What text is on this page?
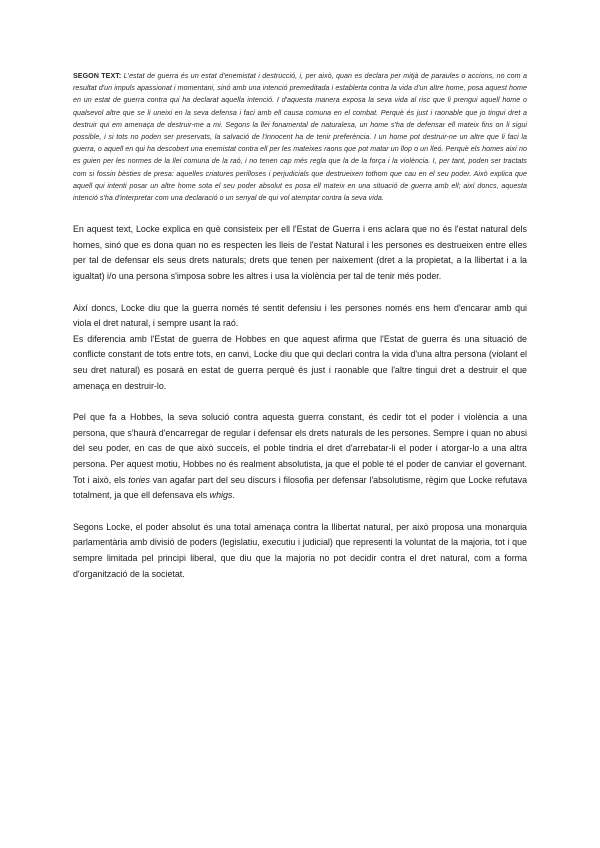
SEGON TEXT: L'estat de guerra és un estat d'enemistat i destrucció, i, per això, quan es declara per mitjà de paraules o accions, no com a resultat d'un impuls apassionat i momentani, sinó amb una intenció premeditada i establerta contra la vida d'un altre home, posa aquest home en un estat de guerra contra qui ha declarat aquella intenció. I d'aquesta manera exposa la seva vida al risc que li prengui aquell home o qualsevol altre que se li uneixi en la seva defensa i faci amb ell causa comuna en el combat. Perquè és just i raonable que jo tingui dret a destruir qui em amenaça de destruir-me a mi. Segons la llei fonamental de naturalesa, un home s'ha de defensar ell mateix fins on li sigui possible, i si tots no poden ser preservats, la salvació de l'innocent ha de tenir preferència. I un home pot destruir-ne un altre que li faci la guerra, o aquell en qui ha descobert una enemistat contra ell per les mateixes raons que pot matar un llop o un lleó. Perquè els homes així no es guien per les normes de la llei comuna de la raó, i no tenen cap més regla que la de la força i la violència. I, per tant, poden ser tractats com si fossin bèsties de presa: aquelles criatures perilloses i perjudicials que destrueixen tothom que cau en el seu poder. Això explica que aquell qui intenti posar un altre home sota el seu poder absolut es posa ell mateix en una situació de guerra amb ell; així doncs, aquesta intenció s'ha d'interpretar com una declaració o un senyal de qui vol atemptar contra la seva vida.

En aquest text, Locke explica en què consisteix per ell l'Estat de Guerra i ens aclara que no és l'estat natural dels homes, sinó que es dona quan no es respecten les lleis de l'estat Natural i les persones es destrueixen entre elles per tal de defensar els seus drets naturals; drets que tenen per naixement (dret a la propietat, a la llibertat i a la igualtat) i/o una persona s'imposa sobre les altres i usa la violència per tal de tenir més poder.

Així doncs, Locke diu que la guerra només té sentit defensiu i les persones només ens hem d'encarar amb qui viola el dret natural, i sempre usant la raó.

Es diferencia amb l'Estat de guerra de Hobbes en que aquest afirma que l'Estat de guerra és una situació de conflicte constant de tots entre tots, en canvi, Locke diu que qui declari contra la vida d'una altra persona (violant el seu dret natural) es posarà en estat de guerra perquè és just i raonable que l'altre tingui dret a destruir el que amenaça en destruir-lo.

Pel que fa a Hobbes, la seva solució contra aquesta guerra constant, és cedir tot el poder i violència a una persona, que s'haurà d'encarregar de regular i defensar els drets naturals de les persones. Sempre i quan no abusi del seu poder, en cas de que això succeís, el poble tindria el dret d'arrebatar-li el poder i atorgar-lo a una altra persona. Per aquest motiu, Hobbes no és realment absolutista, ja que el poble té el poder de canviar el governant. Tot i això, els tories van agafar part del seu discurs i filosofia per defensar l'absolutisme, règim que Locke refutava totalment, ja que ell defensava els whigs.

Segons Locke, el poder absolut és una total amenaça contra la llibertat natural, per això proposa una monarquia parlamentària amb divisió de poders (legislatiu, executiu i judicial) que representi la voluntat de la majoria, tot i que sempre limitada pel principi liberal, que diu que la majoria no pot decidir contra el dret natural, com a forma d'organització de la societat.
